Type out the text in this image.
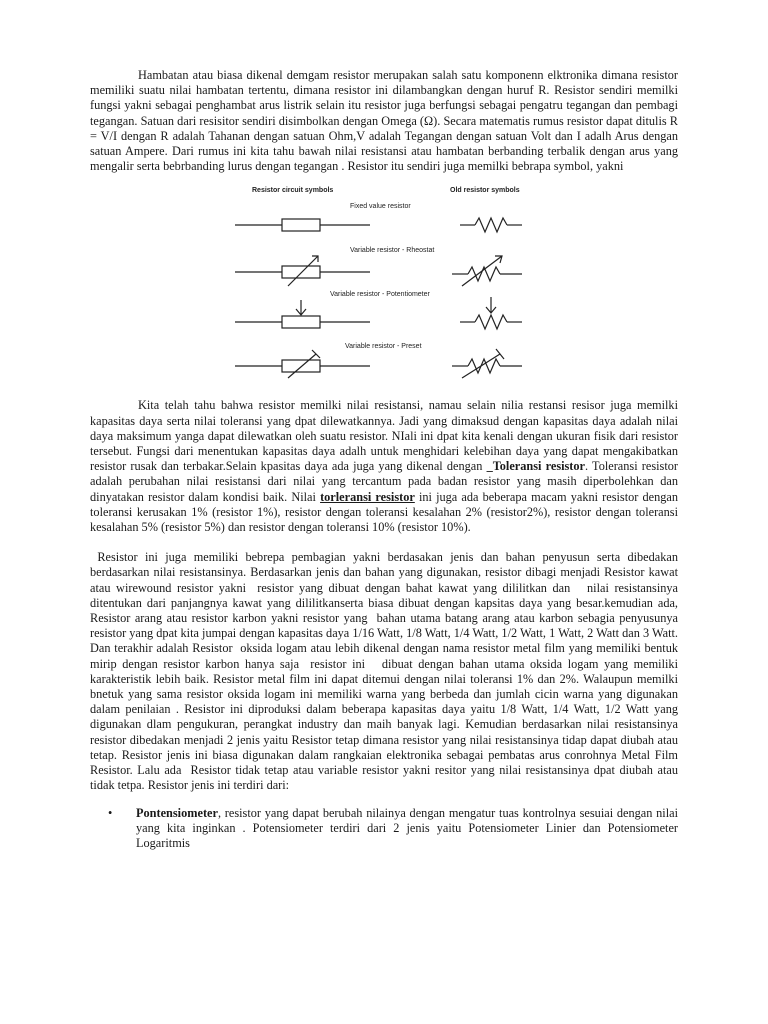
Hambatan atau biasa dikenal demgam resistor merupakan salah satu komponenn elktronika dimana resistor memiliki suatu nilai hambatan tertentu, dimana resistor ini dilambangkan dengan huruf R. Resistor sendiri memilki fungsi yakni sebagai penghambat arus listrik selain itu resistor juga berfungsi sebagai pengatru tegangan dan pembagi tegangan. Satuan dari resisitor sendiri disimbolkan dengan Omega (Ω). Secara matematis rumus resistor dapat ditulis R = V/I dengan R adalah Tahanan dengan satuan Ohm,V adalah Tegangan dengan satuan Volt dan I adalh Arus dengan satuan Ampere. Dari rumus ini kita tahu bawah nilai resistansi atau hambatan berbanding terbalik dengan arus yang mengalir serta bebrbanding lurus dengan tegangan . Resistor itu sendiri juga memilki bebrapa symbol, yakni

Resistor circuit symbols	Old resistor symbols
Fixed value resistor
Variable resistor - Rheostat
Variable resistor - Potentiometer
Variable resistor - Preset

Kita telah tahu bahwa resistor memilki nilai resistansi, namau selain nilia restansi resisor juga memilki kapasitas daya serta nilai toleransi yang dpat dilewatkannya. Jadi yang dimaksud dengan kapasitas daya adalah nilai daya maksimum yanga dapat dilewatkan oleh suatu resistor. NIali ini dpat kita kenali dengan ukuran fisik dari resistor tersebut. Fungsi dari menentukan kapasitas daya adalh untuk menghidari kelebihan daya yang dapat mengakibatkan resistor rusak dan terbakar.Selain kpasitas daya ada juga yang dikenal dengan _Toleransi resistor. Toleransi resistor adalah perubahan nilai resistansi dari nilai yang tercantum pada badan resistor yang masih diperbolehkan dan dinyatakan resistor dalam kondisi baik. Nilai torleransi resistor ini juga ada beberapa macam yakni resistor dengan toleransi kerusakan 1% (resistor 1%), resistor dengan toleransi kesalahan 2% (resistor2%), resistor dengan toleransi kesalahan 5% (resistor 5%) dan resistor dengan toleransi 10% (resistor 10%).

Resistor ini juga memiliki bebrepa pembagian yakni berdasakan jenis dan bahan penyusun serta dibedakan berdasarkan nilai resistansinya. Berdasarkan jenis dan bahan yang digunakan, resistor dibagi menjadi Resistor kawat atau wirewound resistor yakni  resistor yang dibuat dengan bahat kawat yang dililitkan dan   nilai resistansinya ditentukan dari panjangnya kawat yang dililitkanserta biasa dibuat dengan kapsitas daya yang besar.kemudian ada, Resistor arang atau resistor karbon yakni resistor yang  bahan utama batang arang atau karbon sebagia penyusunya resistor yang dpat kita jumpai dengan kapasitas daya 1/16 Watt, 1/8 Watt, 1/4 Watt, 1/2 Watt, 1 Watt, 2 Watt dan 3 Watt. Dan terakhir adalah Resistor  oksida logam atau lebih dikenal dengan nama resistor metal film yang memiliki bentuk mirip dengan resistor karbon hanya saja  resistor ini   dibuat dengan bahan utama oksida logam yang memiliki karakteristik lebih baik. Resistor metal film ini dapat ditemui dengan nilai toleransi 1% dan 2%. Walaupun memilki bnetuk yang sama resistor oksida logam ini memiliki warna yang berbeda dan jumlah cicin warna yang digunakan dalam penilaian . Resistor ini diproduksi dalam beberapa kapasitas daya yaitu 1/8 Watt, 1/4 Watt, 1/2 Watt yang digunakan dlam pengukuran, perangkat industry dan maih banyak lagi. Kemudian berdasarkan nilai resistansinya resistor dibedakan menjadi 2 jenis yaitu Resistor tetap dimana resistor yang nilai resistansinya tidap dapat diubah atau tetap. Resistor jenis ini biasa digunakan dalam rangkaian elektronika sebagai pembatas arus conrohnya Metal Film Resistor. Lalu ada  Resistor tidak tetap atau variable resistor yakni resitor yang nilai resistansinya dpat diubah atau tidak tetpa. Resistor jenis ini terdiri dari:

• Pontensiometer, resistor yang dapat berubah nilainya dengan mengatur tuas kontrolnya sesuiai dengan nilai yang kita inginkan . Potensiometer terdiri dari 2 jenis yaitu Potensiometer Linier dan Potensiometer Logaritmis
